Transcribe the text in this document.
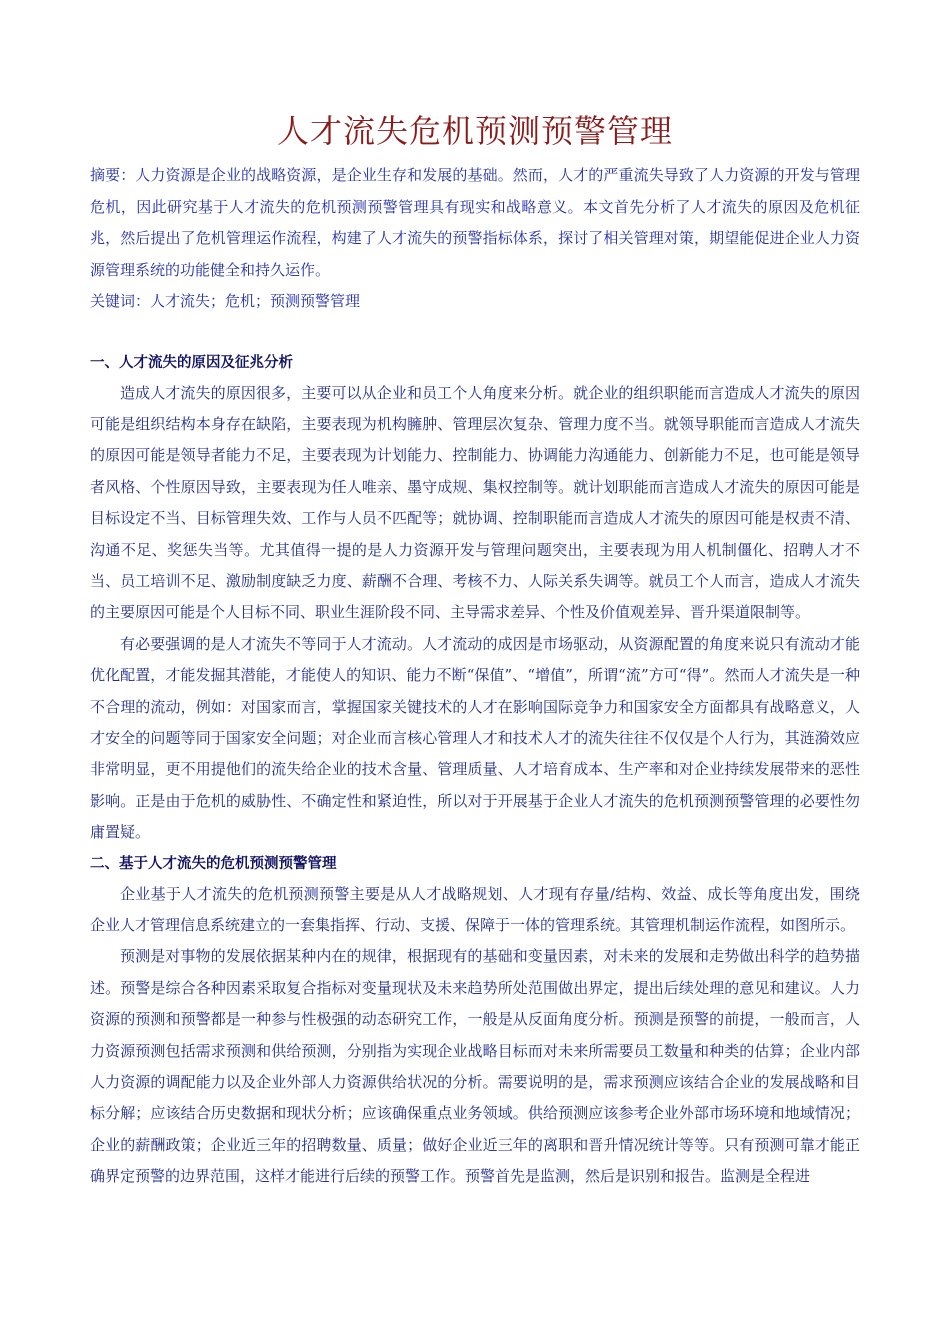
人才流失危机预测预警管理
摘要：人力资源是企业的战略资源，是企业生存和发展的基础。然而，人才的严重流失导致了人力资源的开发与管理危机，因此研究基于人才流失的危机预测预警管理具有现实和战略意义。本文首先分析了人才流失的原因及危机征兆，然后提出了危机管理运作流程，构建了人才流失的预警指标体系，探讨了相关管理对策，期望能促进企业人力资源管理系统的功能健全和持久运作。
关键词：人才流失；危机；预测预警管理
一、人才流失的原因及征兆分析

造成人才流失的原因很多，主要可以从企业和员工个人角度来分析。就企业的组织职能而言造成人才流失的原因可能是组织结构本身存在缺陷，主要表现为机构臃肿、管理层次复杂、管理力度不当。就领导职能而言造成人才流失的原因可能是领导者能力不足，主要表现为计划能力、控制能力、协调能力沟通能力、创新能力不足，也可能是领导者风格、个性原因导致，主要表现为任人唯亲、墨守成规、集权控制等。就计划职能而言造成人才流失的原因可能是目标设定不当、目标管理失效、工作与人员不匹配等；就协调、控制职能而言造成人才流失的原因可能是权责不清、沟通不足、奖惩失当等。尤其值得一提的是人力资源开发与管理问题突出，主要表现为用人机制僵化、招聘人才不当、员工培训不足、激励制度缺乏力度、薪酬不合理、考核不力、人际关系失调等。就员工个人而言，造成人才流失的主要原因可能是个人目标不同、职业生涯阶段不同、主导需求差异、个性及价值观差异、晋升渠道限制等。

有必要强调的是人才流失不等同于人才流动。人才流动的成因是市场驱动，从资源配置的角度来说只有流动才能优化配置，才能发掘其潜能，才能使人的知识、能力不断“保值”、“增值”，所谓“流”方可“得”。然而人才流失是一种不合理的流动，例如：对国家而言，掌握国家关键技术的人才在影响国际竞争力和国家安全方面都具有战略意义，人才安全的问题等同于国家安全问题；对企业而言核心管理人才和技术人才的流失往往不仅仅是个人行为，其涟漪效应非常明显，更不用提他们的流失给企业的技术含量、管理质量、人才培育成本、生产率和对企业持续发展带来的恶性影响。正是由于危机的威胁性、不确定性和紧迫性，所以对于开展基于企业人才流失的危机预测预警管理的必要性勿庸置疑。

二、基于人才流失的危机预测预警管理

企业基于人才流失的危机预测预警主要是从人才战略规划、人才现有存量/结构、效益、成长等角度出发，围绕企业人才管理信息系统建立的一套集指挥、行动、支援、保障于一体的管理系统。其管理机制运作流程，如图所示。

预测是对事物的发展依据某种内在的规律，根据现有的基础和变量因素，对未来的发展和走势做出科学的趋势描述。预警是综合各种因素采取复合指标对变量现状及未来趋势所处范围做出界定，提出后续处理的意见和建议。人力资源的预测和预警都是一种参与性极强的动态研究工作，一般是从反面角度分析。预测是预警的前提，一般而言，人力资源预测包括需求预测和供给预测，分别指为实现企业战略目标而对未来所需要员工数量和种类的估算；企业内部人力资源的调配能力以及企业外部人力资源供给状况的分析。需要说明的是，需求预测应该结合企业的发展战略和目标分解；应该结合历史数据和现状分析；应该确保重点业务领域。供给预测应该参考企业外部市场环境和地域情况；企业的薪酬政策；企业近三年的招聘数量、质量；做好企业近三年的离职和晋升情况统计等等。只有预测可靠才能正确界定预警的边界范围，这样才能进行后续的预警工作。预警首先是监测，然后是识别和报告。监测是全程进
